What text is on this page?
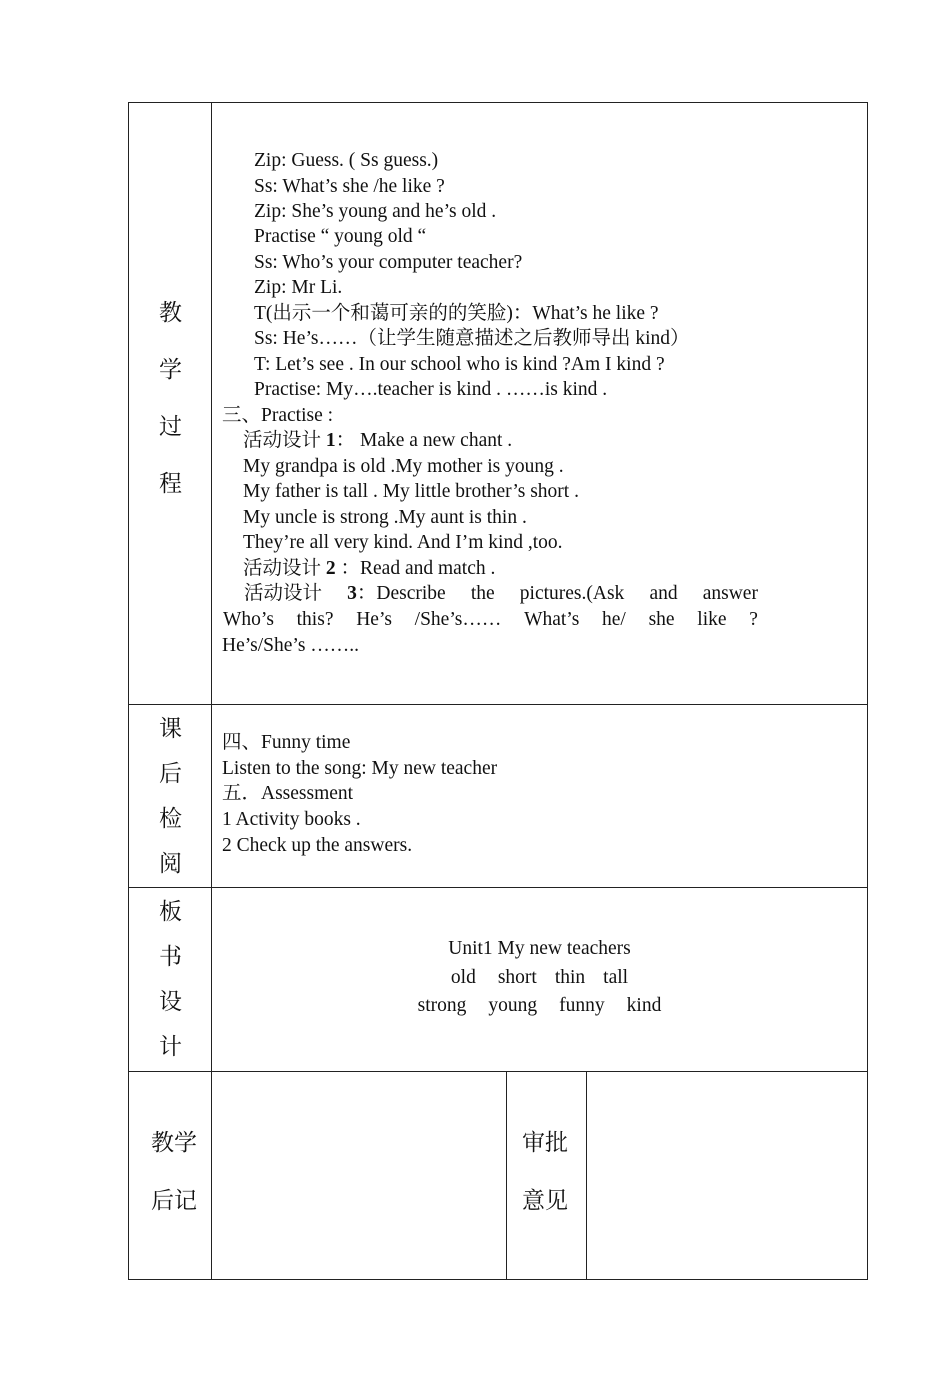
教
学
过
程
Zip: Guess. ( Ss guess.)
Ss: What’s she /he like ?
Zip: She’s young and he’s old .
Practise “ young old “
Ss: Who’s your computer teacher?
Zip: Mr Li.
T(出示一个和蔼可亲的的笑脸)：What’s he like ?
Ss: He’s……（让学生随意描述之后教师导出 kind）
T: Let’s see . In our school who is kind ?Am I kind ?
Practise: My….teacher is kind . ……is kind .
三、Practise :
活动设计 1： Make a new chant .
My grandpa is old .My mother is young .
My father is tall . My little brother’s short .
My uncle is strong .My aunt is thin .
They’re all very kind. And I’m kind ,too.
活动设计 2 ：Read and match .
活动设计 3：Describe the pictures.(Ask and answer
Who’s this? He’s /She’s…… What’s he/ she like ?
He’s/She’s ……..
课
后
检
阅
四、Funny time
Listen to the song: My new teacher
五．Assessment
1 Activity books .
2 Check up the answers.
板
书
设
计
Unit1 My new teachers
old short thin tall
strong young funny kind
教学
后记
审批
意见
